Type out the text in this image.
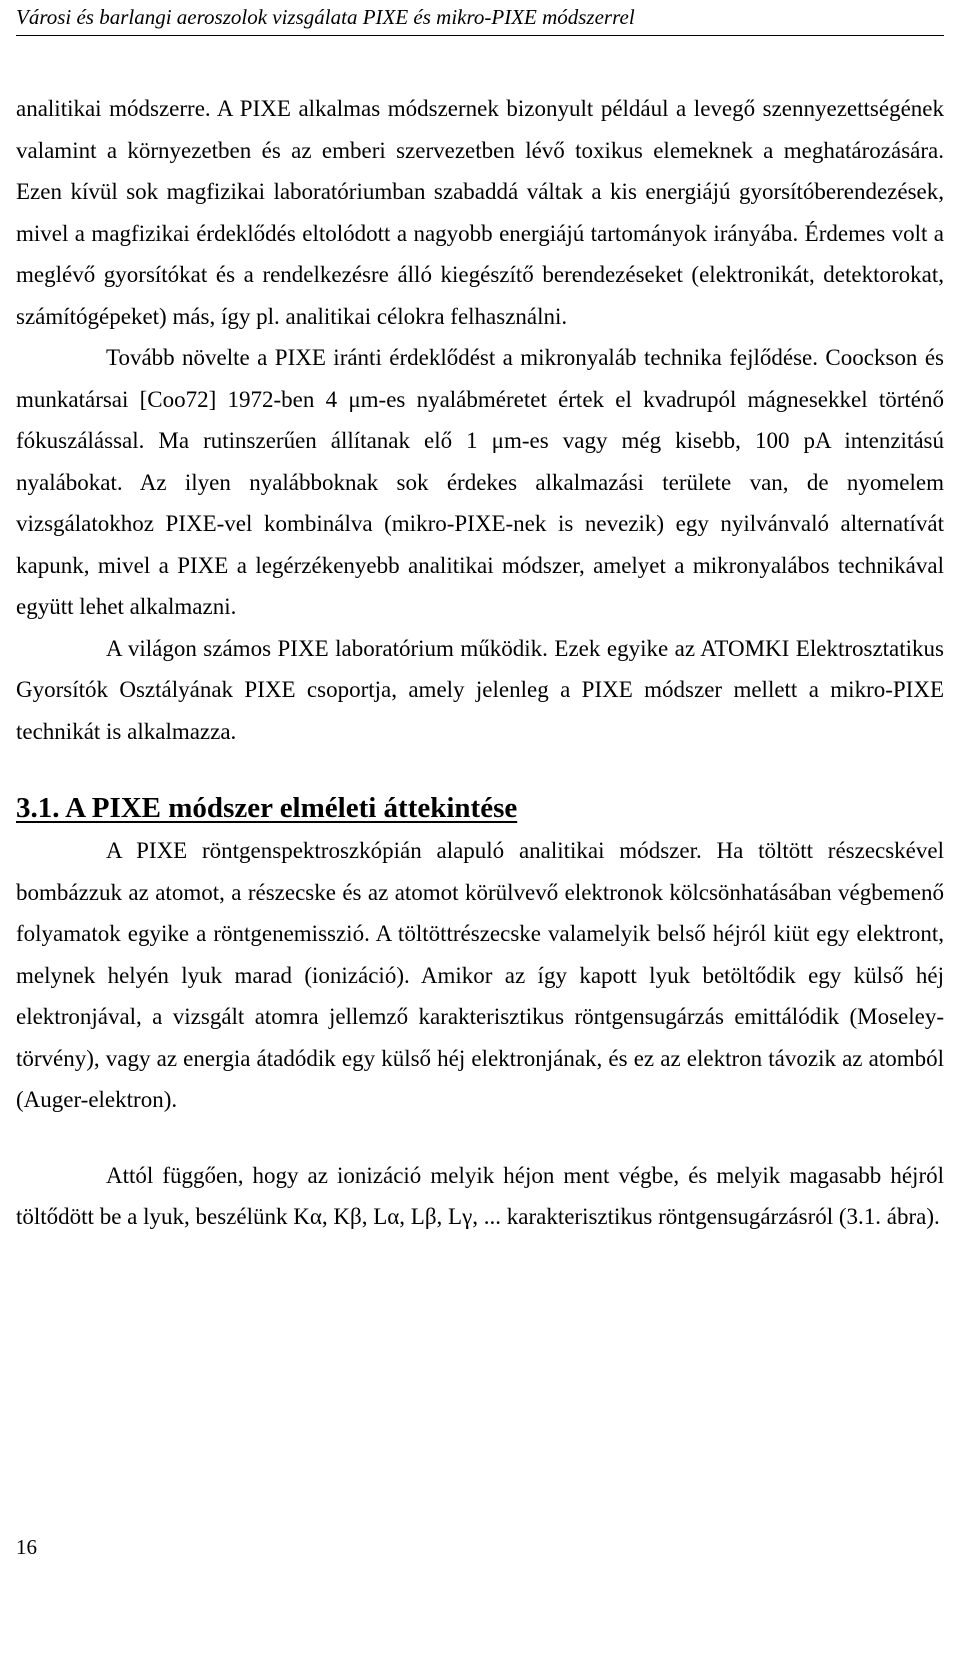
Városi és barlangi aeroszolok vizsgálata PIXE és mikro-PIXE módszerrel

analitikai módszerre. A PIXE alkalmas módszernek bizonyult például a levegő szennyezettségének valamint a környezetben és az emberi szervezetben lévő toxikus elemeknek a meghatározására. Ezen kívül sok magfizikai laboratóriumban szabaddá váltak a kis energiájú gyorsítóberendezések, mivel a magfizikai érdeklődés eltolódott a nagyobb energiájú tartományok irányába. Érdemes volt a meglévő gyorsítókat és a rendelkezésre álló kiegészítő berendezéseket (elektronikát, detektorokat, számítógépeket) más, így pl. analitikai célokra felhasználni.

Tovább növelte a PIXE iránti érdeklődést a mikronyaláb technika fejlődése. Coockson és munkatársai [Coo72] 1972-ben 4 μm-es nyalábméretet értek el kvadrupól mágnesekkel történő fókuszálással. Ma rutinszerűen állítanak elő 1 μm-es vagy még kisebb, 100 pA intenzitású nyalábokat. Az ilyen nyalábboknak sok érdekes alkalmazási területe van, de nyomelem vizsgálatokhoz PIXE-vel kombinálva (mikro-PIXE-nek is nevezik) egy nyilvánvaló alternatívát kapunk, mivel a PIXE a legérzékenyebb analitikai módszer, amelyet a mikronyalábos technikával együtt lehet alkalmazni.

A világon számos PIXE laboratórium működik. Ezek egyike az ATOMKI Elektrosztatikus Gyorsítók Osztályának PIXE csoportja, amely jelenleg a PIXE módszer mellett a mikro-PIXE technikát is alkalmazza.

3.1. A PIXE módszer elméleti áttekintése

A PIXE röntgenspektroszkópián alapuló analitikai módszer. Ha töltött részecskével bombázzuk az atomot, a részecske és az atomot körülvevő elektronok kölcsönhatásában végbemenő folyamatok egyike a röntgenemisszió. A töltöttrészecske valamelyik belső héjról kiüt egy elektront, melynek helyén lyuk marad (ionizáció). Amikor az így kapott lyuk betöltődik egy külső héj elektronjával, a vizsgált atomra jellemző karakterisztikus röntgensugárzás emittálódik (Moseley-törvény), vagy az energia átadódik egy külső héj elektronjának, és ez az elektron távozik az atomból (Auger-elektron).

Attól függően, hogy az ionizáció melyik héjon ment végbe, és melyik magasabb héjról töltődött be a lyuk, beszélünk Kα, Kβ, Lα, Lβ, Lγ, ... karakterisztikus röntgensugárzásról (3.1. ábra).

16
